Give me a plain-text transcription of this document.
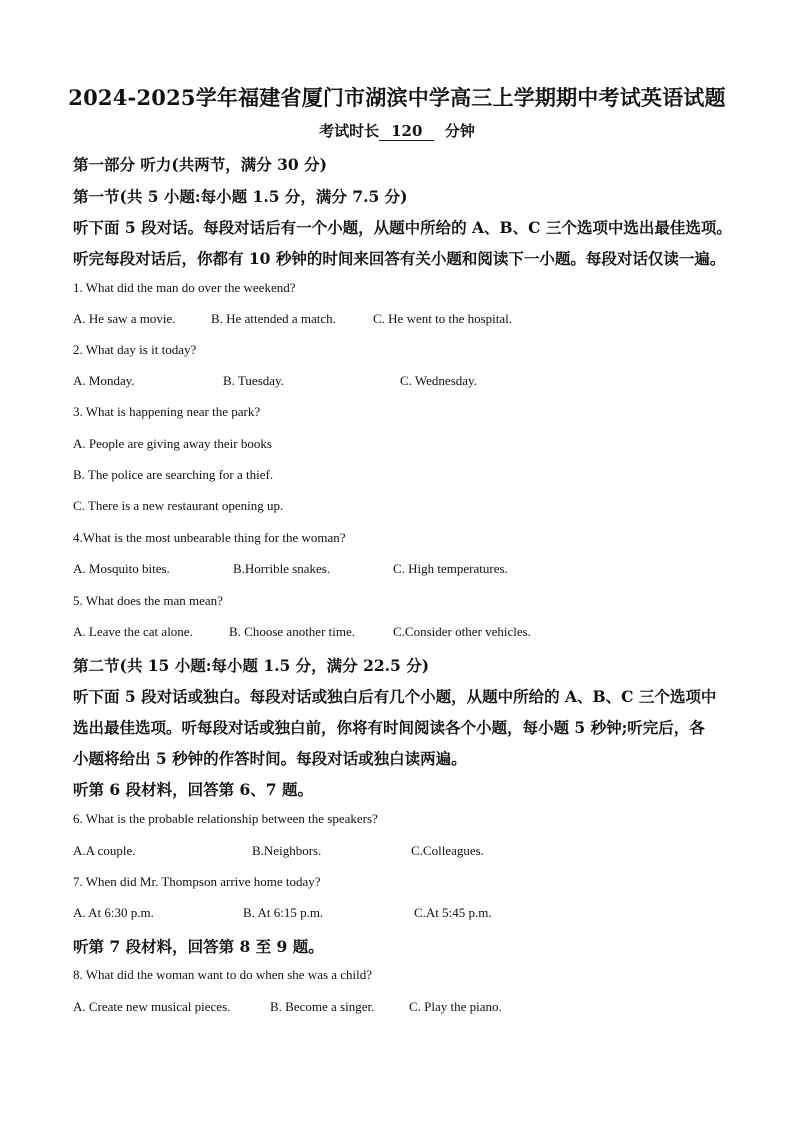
2024-2025学年福建省厦门市湖滨中学高三上学期期中考试英语试题
考试时长 120 分钟
第一部分 听力(共两节，满分 30 分)
第一节(共 5 小题:每小题 1.5 分，满分 7.5 分)
听下面 5 段对话。每段对话后有一个小题，从题中所给的 A、B、C 三个选项中选出最佳选项。
听完每段对话后，你都有 10 秒钟的时间来回答有关小题和阅读下一小题。每段对话仅读一遍。
1. What did the man do over the weekend?
A. He saw a movie.	B. He attended a match.	C. He went to the hospital.
2. What day is it today?
A. Monday.	B. Tuesday.	C. Wednesday.
3. What is happening near the park?
A. People are giving away their books
B. The police are searching for a thief.
C. There is a new restaurant opening up.
4.What is the most unbearable thing for the woman?
A. Mosquito bites.	B.Horrible snakes.	C. High temperatures.
5. What does the man mean?
A. Leave the cat alone.	B. Choose another time.	C.Consider other vehicles.
第二节(共 15 小题:每小题 1.5 分，满分 22.5 分)
听下面 5 段对话或独白。每段对话或独白后有几个小题，从题中所给的 A、B、C 三个选项中
选出最佳选项。听每段对话或独白前，你将有时间阅读各个小题，每小题 5 秒钟;听完后，各
小题将给出 5 秒钟的作答时间。每段对话或独白读两遍。
听第 6 段材料，回答第 6、7 题。
6. What is the probable relationship between the speakers?
A.A couple.	B.Neighbors.	C.Colleagues.
7. When did Mr. Thompson arrive home today?
A. At 6:30 p.m.	B. At 6:15 p.m.	C.At 5:45 p.m.
听第 7 段材料，回答第 8 至 9 题。
8. What did the woman want to do when she was a child?
A. Create new musical pieces.	B. Become a singer.	C. Play the piano.
